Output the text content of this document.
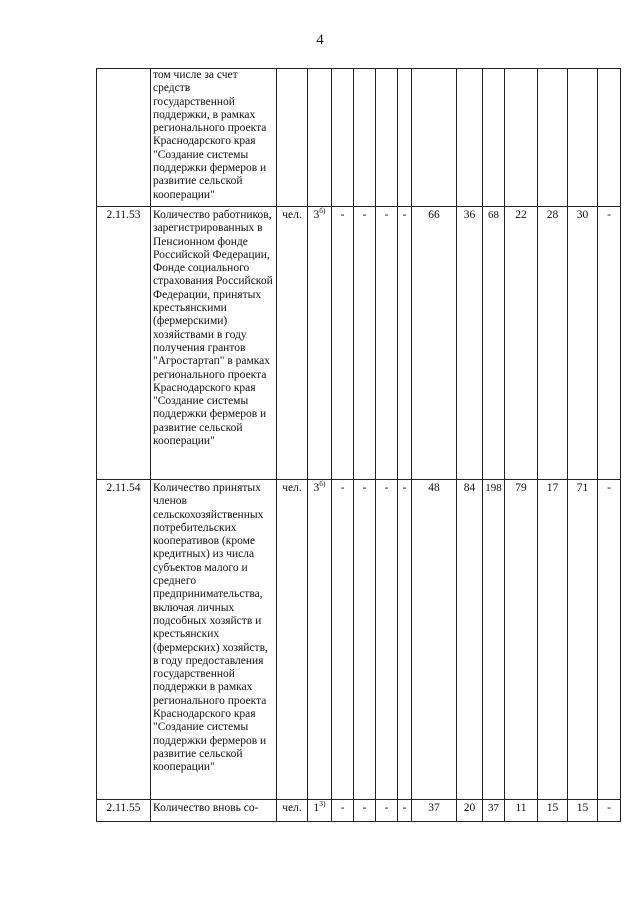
4
	том числе за счет средств государственной поддержки, в рамках регионального проекта Краснодарского края "Создание системы поддержки фермеров и развитие сельской кооперации"													
2.11.53	Количество работников, зарегистрированных в Пенсионном фонде Российской Федерации, Фонде социального страхования Российской Федерации, принятых крестьянскими (фермерскими) хозяйствами в году получения грантов "Агростартап" в рамках регионального проекта Краснодарского края "Создание системы поддержки фермеров и развитие сельской кооперации"	чел.	$3^{б)}$	-	-	-	-	66	36	68	22	28	30	-
2.11.54	Количество принятых членов сельскохозяйственных потребительских кооперативов (кроме кредитных) из числа субъектов малого и среднего предпринимательства, включая личных подсобных хозяйств и крестьянских (фермерских) хозяйств, в году предоставления государственной поддержки в рамках регионального проекта Краснодарского края "Создание системы поддержки фермеров и развитие сельской кооперации"	чел.	$3^{б)}$	-	-	-	-	48	84	198	79	17	71	-
2.11.55	Количество вновь со-	чел.	1$^{3)}$	-	-	-	-	37	20	37	11	15	15	-
